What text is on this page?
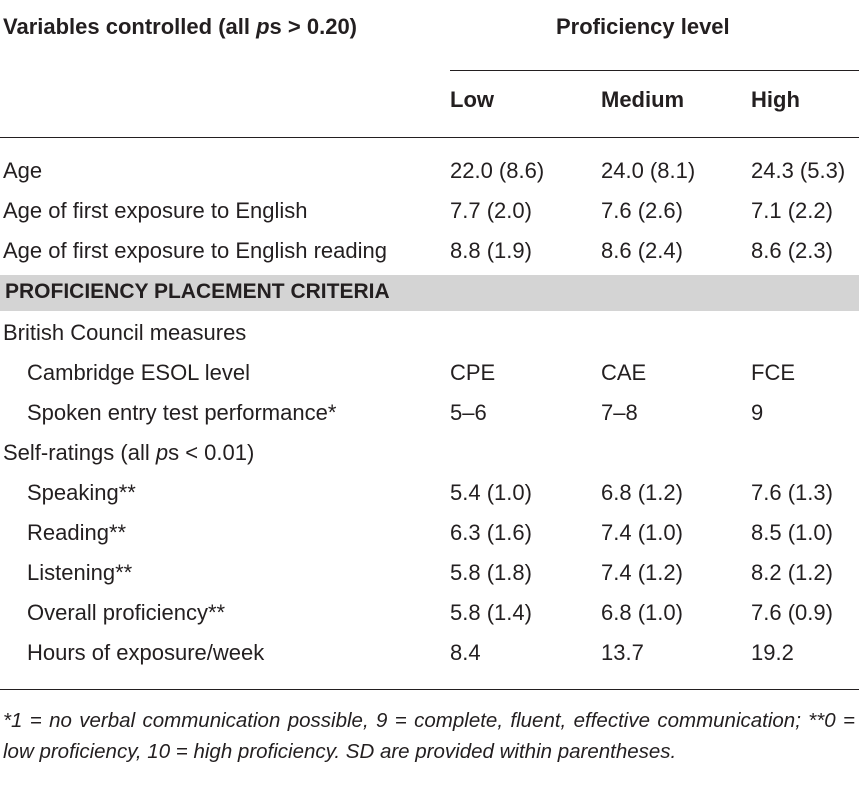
Variables controlled (all ps > 0.20)	Proficiency level
Low	Medium	High
Age	22.0 (8.6)	24.0 (8.1)	24.3 (5.3)
Age of first exposure to English	7.7 (2.0)	7.6 (2.6)	7.1 (2.2)
Age of first exposure to English reading	8.8 (1.9)	8.6 (2.4)	8.6 (2.3)
PROFICIENCY PLACEMENT CRITERIA
British Council measures
Cambridge ESOL level	CPE	CAE	FCE
Spoken entry test performance*	5–6	7–8	9
Self-ratings (all ps < 0.01)
Speaking**	5.4 (1.0)	6.8 (1.2)	7.6 (1.3)
Reading**	6.3 (1.6)	7.4 (1.0)	8.5 (1.0)
Listening**	5.8 (1.8)	7.4 (1.2)	8.2 (1.2)
Overall proficiency**	5.8 (1.4)	6.8 (1.0)	7.6 (0.9)
Hours of exposure/week	8.4	13.7	19.2
*1 = no verbal communication possible, 9 = complete, fluent, effective communication; **0 = low proficiency, 10 = high proficiency. SD are provided within parentheses.
